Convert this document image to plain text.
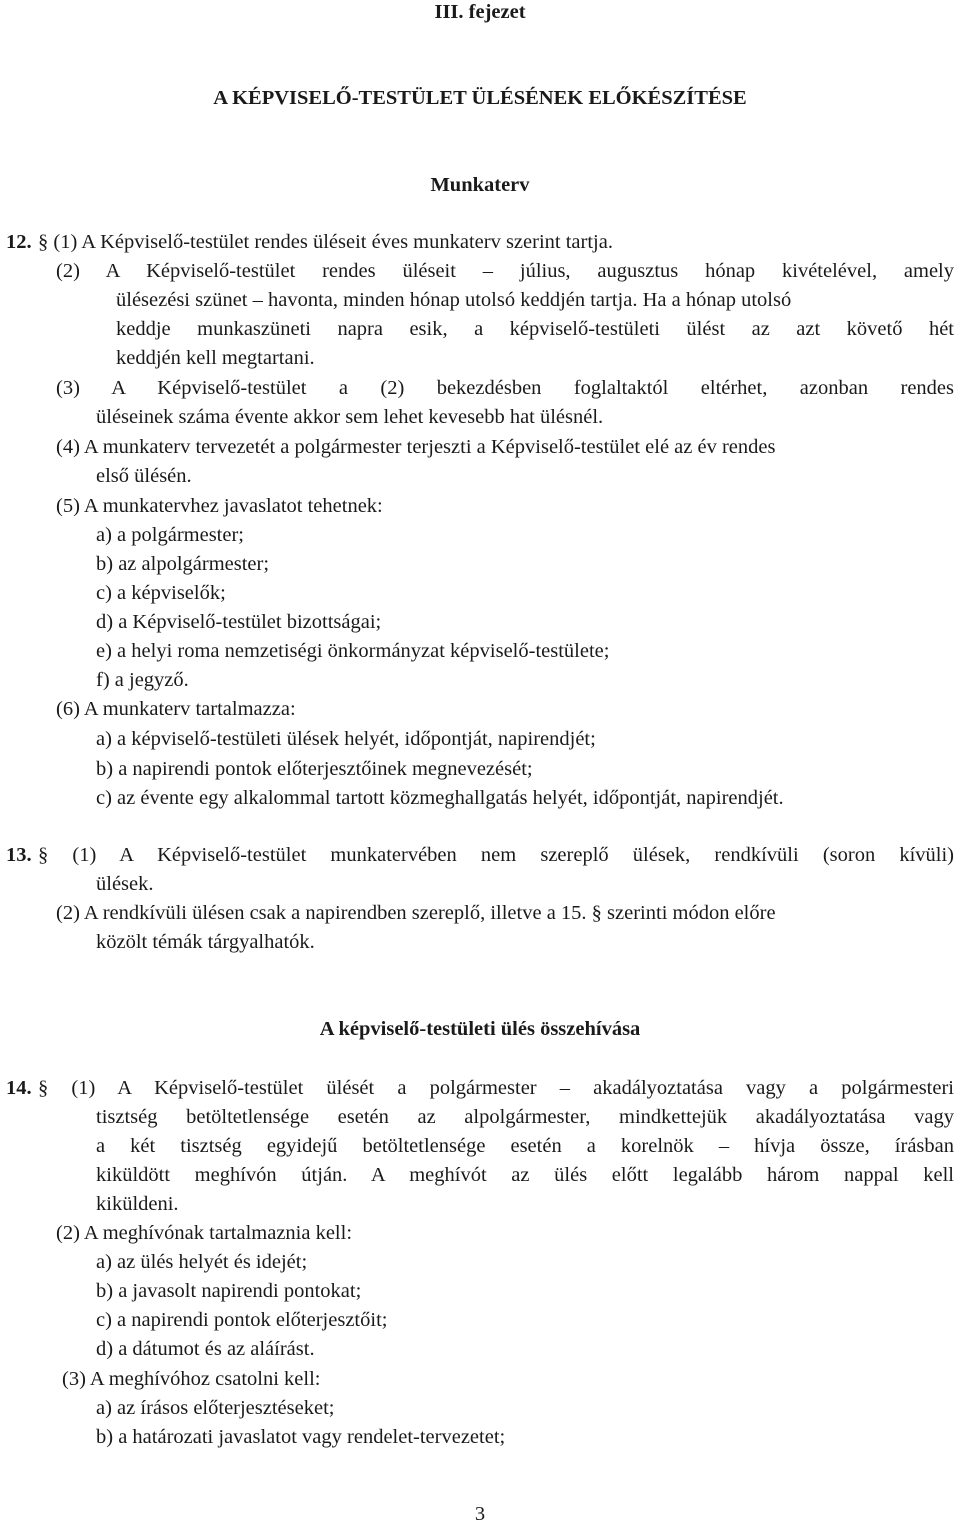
III. fejezet
A KÉPVISELŐ-TESTÜLET ÜLÉSÉNEK ELŐKÉSZÍTÉSE
Munkaterv
12. § (1) A Képviselő-testület rendes üléseit éves munkaterv szerint tartja.
(2) A Képviselő-testület rendes üléseit – július, augusztus hónap kivételével, amely
ülésezési szünet – havonta, minden hónap utolsó keddjén tartja. Ha a hónap utolsó
keddje munkaszüneti napra esik, a képviselő-testületi ülést az azt követő hét
keddjén kell megtartani.
(3) A Képviselő-testület a (2) bekezdésben foglaltaktól eltérhet, azonban rendes
üléseinek száma évente akkor sem lehet kevesebb hat ülésnél.
(4) A munkaterv tervezetét a polgármester terjeszti a Képviselő-testület elé az év rendes
első ülésén.
(5) A munkatervhez javaslatot tehetnek:
a) a polgármester;
b) az alpolgármester;
c) a képviselők;
d) a Képviselő-testület bizottságai;
e) a helyi roma nemzetiségi önkormányzat képviselő-testülete;
f) a jegyző.
(6) A munkaterv tartalmazza:
a) a képviselő-testületi ülések helyét, időpontját, napirendjét;
b) a napirendi pontok előterjesztőinek megnevezését;
c) az évente egy alkalommal tartott közmeghallgatás helyét, időpontját, napirendjét.
13. § (1) A Képviselő-testület munkatervében nem szereplő ülések, rendkívüli (soron kívüli)
ülések.
(2) A rendkívüli ülésen csak a napirendben szereplő, illetve a 15. § szerinti módon előre
közölt témák tárgyalhatók.
A képviselő-testületi ülés összehívása
14. § (1) A Képviselő-testület ülését a polgármester – akadályoztatása vagy a polgármesteri
tisztség betöltetlensége esetén az alpolgármester, mindkettejük akadályoztatása vagy
a két tisztség egyidejű betöltetlensége esetén a korelnök – hívja össze, írásban
kiküldött meghívón útján. A meghívót az ülés előtt legalább három nappal kell
kiküldeni.
(2) A meghívónak tartalmaznia kell:
a) az ülés helyét és idejét;
b) a javasolt napirendi pontokat;
c) a napirendi pontok előterjesztőit;
d) a dátumot és az aláírást.
(3) A meghívóhoz csatolni kell:
a) az írásos előterjesztéseket;
b) a határozati javaslatot vagy rendelet-tervezetet;
3
